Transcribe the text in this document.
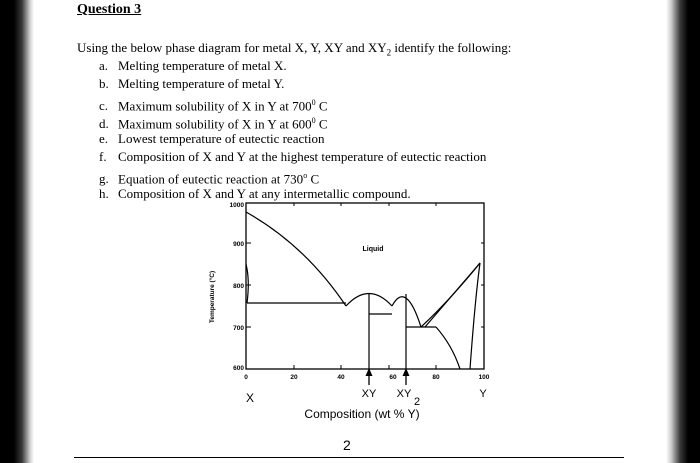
Question 3
Using the below phase diagram for metal X, Y, XY and $XY_2$ identify the following:
a. Melting temperature of metal X.
b. Melting temperature of metal Y.
c. Maximum solubility of X in Y at $700^0$ C
d. Maximum solubility of X in Y at $600^0$ C
e. Lowest temperature of eutectic reaction
f. Composition of X and Y at the highest temperature of eutectic reaction
g. Equation of eutectic reaction at 730$^o$ C
h. Composition of X and Y at any intermetallic compound.
1000
900
800
700
600
0	20	40	60	80	100
Temperature (°C)
Liquid
XY XY
2
X	Y
Composition (wt % Y)
2
